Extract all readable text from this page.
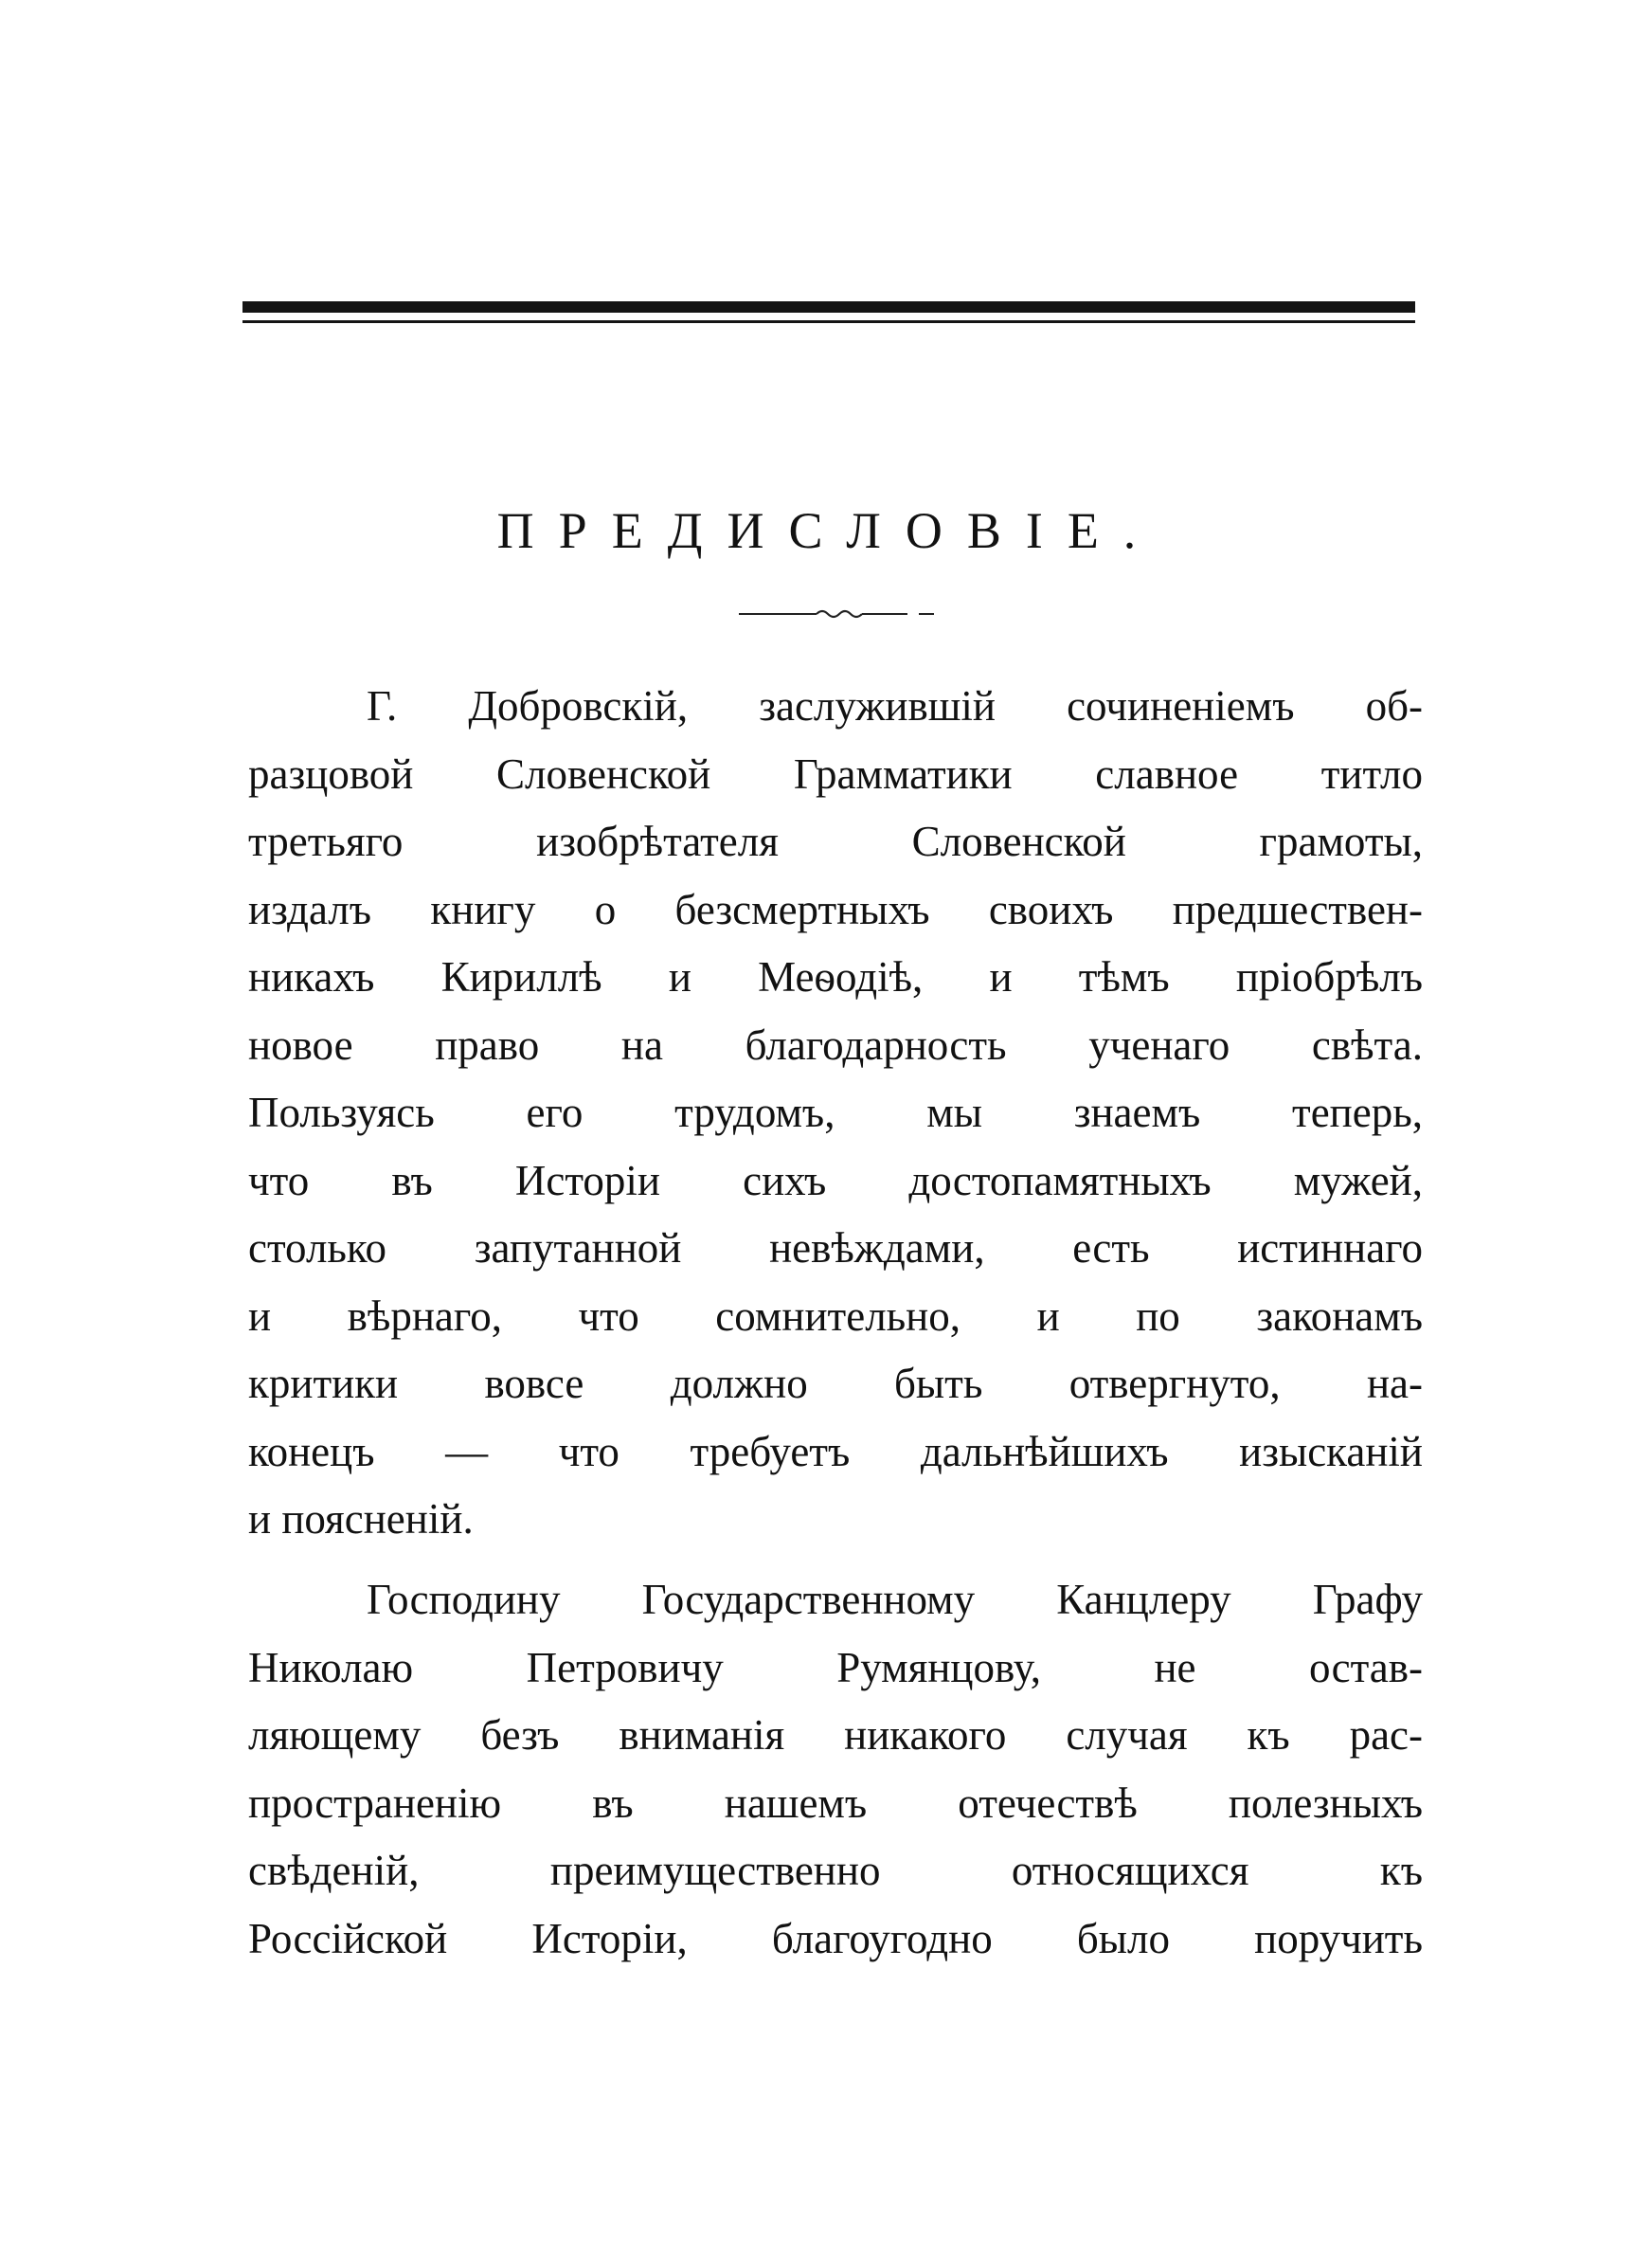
ПРЕДИСЛОВІЕ.
Г. Добровскій, заслужившій сочиненіемъ об-
разцовой Словенской Грамматики славное титло
третьяго изобрѣтателя Словенской грамоты,
издалъ книгу о безсмертныхъ своихъ предшествен-
никахъ Кириллѣ и Меѳодіѣ, и тѣмъ пріобрѣлъ
новое право на благодарность ученаго свѣта.
Пользуясь его трудомъ, мы знаемъ теперь,
что въ Исторіи сихъ достопамятныхъ мужей,
столько запутанной невѣждами, есть истиннаго
и вѣрнаго, что сомнительно, и по законамъ
критики вовсе должно быть отвергнуто, на-
конецъ — что требуетъ дальнѣйшихъ изысканій
и поясненій.
Господину Государственному Канцлеру Графу
Николаю Петровичу Румянцову, не остав-
ляющему безъ вниманія никакого случая къ рас-
пространенію въ нашемъ отечествѣ полезныхъ
свѣденій, преимущественно относящихся къ
Россійской Исторіи, благоугодно было поручить
